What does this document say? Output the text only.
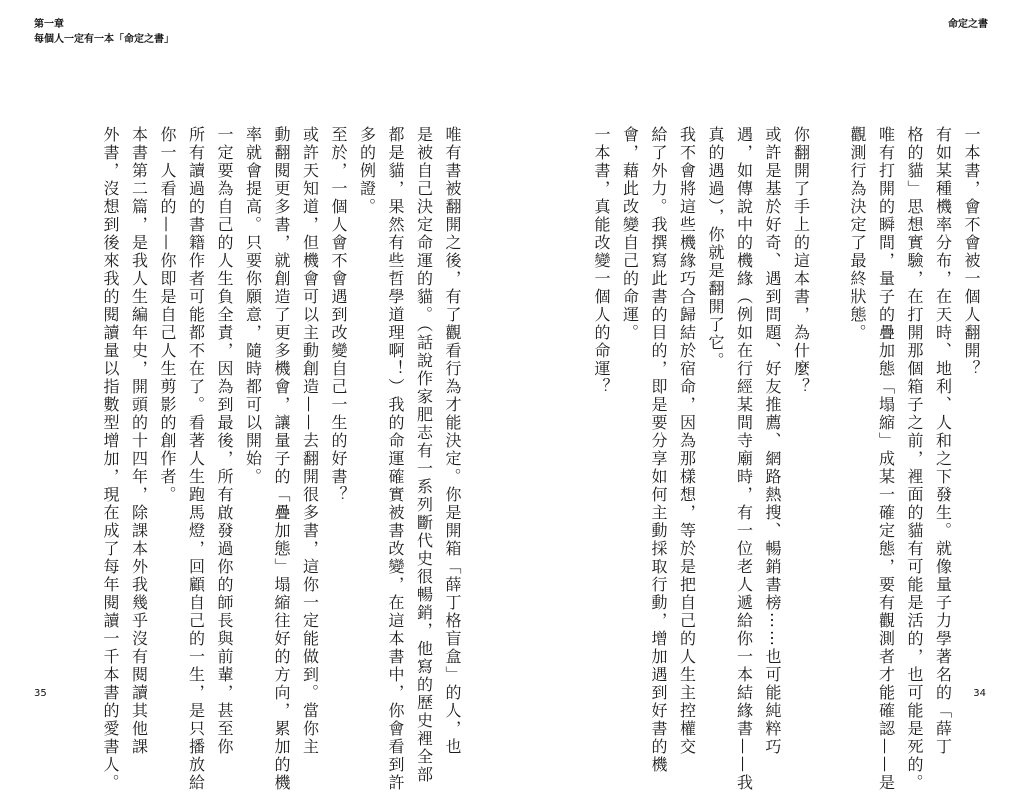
第一章
每個人一定有一本「命定之書」
命定之書
一本書，會不會被一個人翻開？
有如某種機率分布，在天時、地利、人和之下發生。就像量子力學著名的「薛丁
格的貓」思想實驗，在打開那個箱子之前，裡面的貓有可能是活的，也可能是死的。
唯有打開的瞬間，量子的疊加態「塌縮」成某一確定態，要有觀測者才能確認——是
觀測行為決定了最終狀態。
你翻開了手上的這本書，為什麼？
或許是基於好奇、遇到問題、好友推薦、網路熱搜、暢銷書榜⋯⋯也可能純粹巧
遇，如傳說中的機緣（例如在行經某間寺廟時，有一位老人遞給你一本結緣書——我
真的遇過），你就是翻開了它。
我不會將這些機緣巧合歸結於宿命，因為那樣想，等於是把自己的人生主控權交
給了外力。我撰寫此書的目的，即是要分享如何主動採取行動，增加遇到好書的機
會，藉此改變自己的命運。
一本書，真能改變一個人的命運？
唯有書被翻開之後，有了觀看行為才能決定。你是開箱「薛丁格盲盒」的人，也
是被自己決定命運的貓。（話說作家肥志有一系列斷代史很暢銷，他寫的歷史裡全部
都是貓，果然有些哲學道理啊！）我的命運確實被書改變，在這本書中，你會看到許
多的例證。
至於，一個人會不會遇到改變自己一生的好書？
或許天知道，但機會可以主動創造——去翻開很多書，這你一定能做到。當你主
動翻閱更多書，就創造了更多機會，讓量子的「疊加態」塌縮往好的方向，累加的機
率就會提高。只要你願意，隨時都可以開始。
一定要為自己的人生負全責，因為到最後，所有啟發過你的師長與前輩，甚至你
所有讀過的書籍作者可能都不在了。看著人生跑馬燈，回顧自己的一生，是只播放給
你一人看的——你即是自己人生剪影的創作者。
本書第二篇，是我人生編年史，開頭的十四年，除課本外我幾乎沒有閱讀其他課
外書，沒想到後來我的閱讀量以指數型增加，現在成了每年閱讀一千本書的愛書人。
35	34
